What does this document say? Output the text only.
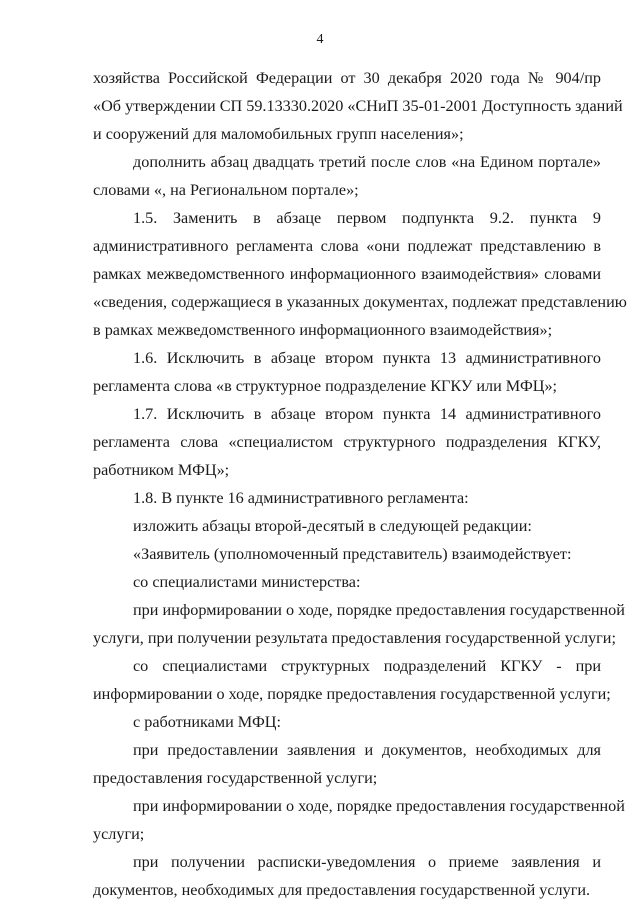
4
хозяйства Российской Федерации от 30 декабря 2020 года № 904/пр
«Об утверждении СП 59.13330.2020 «СНиП 35-01-2001 Доступность зданий
и сооружений для маломобильных групп населения»;
дополнить абзац двадцать третий после слов «на Едином портале»
словами «, на Региональном портале»;
1.5. Заменить в абзаце первом подпункта 9.2. пункта 9
административного регламента слова «они подлежат представлению в
рамках межведомственного информационного взаимодействия» словами
«сведения, содержащиеся в указанных документах, подлежат представлению
в рамках межведомственного информационного взаимодействия»;
1.6. Исключить в абзаце втором пункта 13 административного
регламента слова «в структурное подразделение КГКУ или МФЦ»;
1.7. Исключить в абзаце втором пункта 14 административного
регламента слова «специалистом структурного подразделения КГКУ,
работником МФЦ»;
1.8. В пункте 16 административного регламента:
изложить абзацы второй-десятый в следующей редакции:
«Заявитель (уполномоченный представитель) взаимодействует:
со специалистами министерства:
при информировании о ходе, порядке предоставления государственной
услуги, при получении результата предоставления государственной услуги;
со специалистами структурных подразделений КГКУ - при
информировании о ходе, порядке предоставления государственной услуги;
с работниками МФЦ:
при предоставлении заявления и документов, необходимых для
предоставления государственной услуги;
при информировании о ходе, порядке предоставления государственной
услуги;
при получении расписки-уведомления о приеме заявления и
документов, необходимых для предоставления государственной услуги.
